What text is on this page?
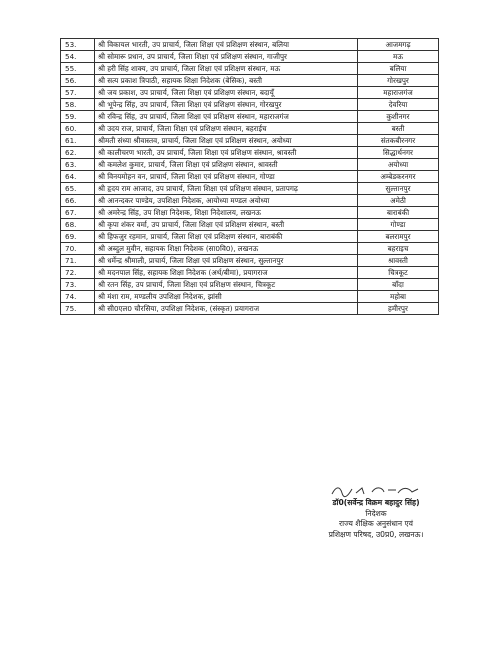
53.	श्री विकायल भारती, उप प्राचार्य, जिला शिक्षा एवं प्रशिक्षण संस्थान, बलिया	आजमगढ़
54.	श्री सोमारू प्रधान, उप प्राचार्य, जिला शिक्षा एवं प्रशिक्षण संस्थान, गाजीपुर	मऊ
55.	श्री हरी सिंह शाक्य, उप प्राचार्य, जिला शिक्षा एवं प्रशिक्षण संस्थान, मऊ	बलिया
56.	श्री सत्य प्रकाश त्रिपाठी, सहायक शिक्षा निदेशक (बेसिक), बस्ती	गोरखपुर
57.	श्री जय प्रकाश, उप प्राचार्य, जिला शिक्षा एवं प्रशिक्षण संस्थान, बदायूँ	महाराजगंज
58.	श्री भूपेन्द्र सिंह, उप प्राचार्य, जिला शिक्षा एवं प्रशिक्षण संस्थान, गोरखपुर	देवरिया
59.	श्री रविन्द्र सिंह, उप प्राचार्य, जिला शिक्षा एवं प्रशिक्षण संस्थान, महाराजगंज	कुशीनगर
60.	श्री उदय राज, प्राचार्य, जिला शिक्षा एवं प्रशिक्षण संस्थान, बहराईच	बस्ती
61.	श्रीमती संध्या श्रीवास्तव, प्राचार्य, जिला शिक्षा एवं प्रशिक्षण संस्थान, अयोध्या	संतकबीरनगर
62.	श्री कालीचरण भारती, उप प्राचार्य, जिला शिक्षा एवं प्रशिक्षण संस्थान, श्रावस्ती	सिद्धार्थनगर
63.	श्री कमलेश कुमार, प्राचार्य, जिला शिक्षा एवं प्रशिक्षण संस्थान, श्रावस्ती	अयोध्या
64.	श्री विनयमोहन वन, प्राचार्य, जिला शिक्षा एवं प्रशिक्षण संस्थान, गोण्डा	अम्बेडकरनगर
65.	श्री हृदय राम आजाद, उप प्राचार्य, जिला शिक्षा एवं प्रशिक्षण संस्थान, प्रतापगढ़	सुल्तानपुर
66.	श्री आनन्दकर पाण्डेय, उपशिक्षा निदेशक, आयोध्या मण्डल अयोध्या	अमेठी
67.	श्री अमरेन्द्र सिंह, उप शिक्षा निदेशक, शिक्षा निदेशालय, लखनऊ	बाराबंकी
68.	श्री कृपा शंकर वर्मा, उप प्राचार्य, जिला शिक्षा एवं प्रशिक्षण संस्थान, बस्ती	गोण्डा
69.	श्री हिफजुर रहमान, प्राचार्य, जिला शिक्षा एवं प्रशिक्षण संस्थान, बाराबंकी	बलरामपुर
70.	श्री अब्दुल मुवीन, सहायक शिक्षा निदेशक (सा0वि0), लखनऊ	बहराइच
71.	श्री धर्मेन्द्र श्रीमाली, प्राचार्य, जिला शिक्षा एवं प्रशिक्षण संस्थान, सुल्तानपुर	श्रावस्ती
72.	श्री मदनपाल सिंह, सहायक शिक्षा निदेशक (अर्थ/बीमा), प्रयागराज	चित्रकूट
73.	श्री रतन सिंह, उप प्राचार्य, जिला शिक्षा एवं प्रशिक्षण संस्थान, चित्रकूट	बाँदा
74.	श्री मंशा राम, मण्डलीय उपशिक्षा निदेशक, झांसी	महोबा
75.	श्री सी0एल0 चौरसिया, उपशिक्षा निदेशक, (संस्कृत) प्रयागराज	हमीरपुर
डॉ0(सर्वेन्द्र विक्रम बहादुर सिंह)
निदेशक
राज्य शैक्षिक अनुसंधान एवं
प्रशिक्षण परिषद, उ0प्र0, लखनऊ।
